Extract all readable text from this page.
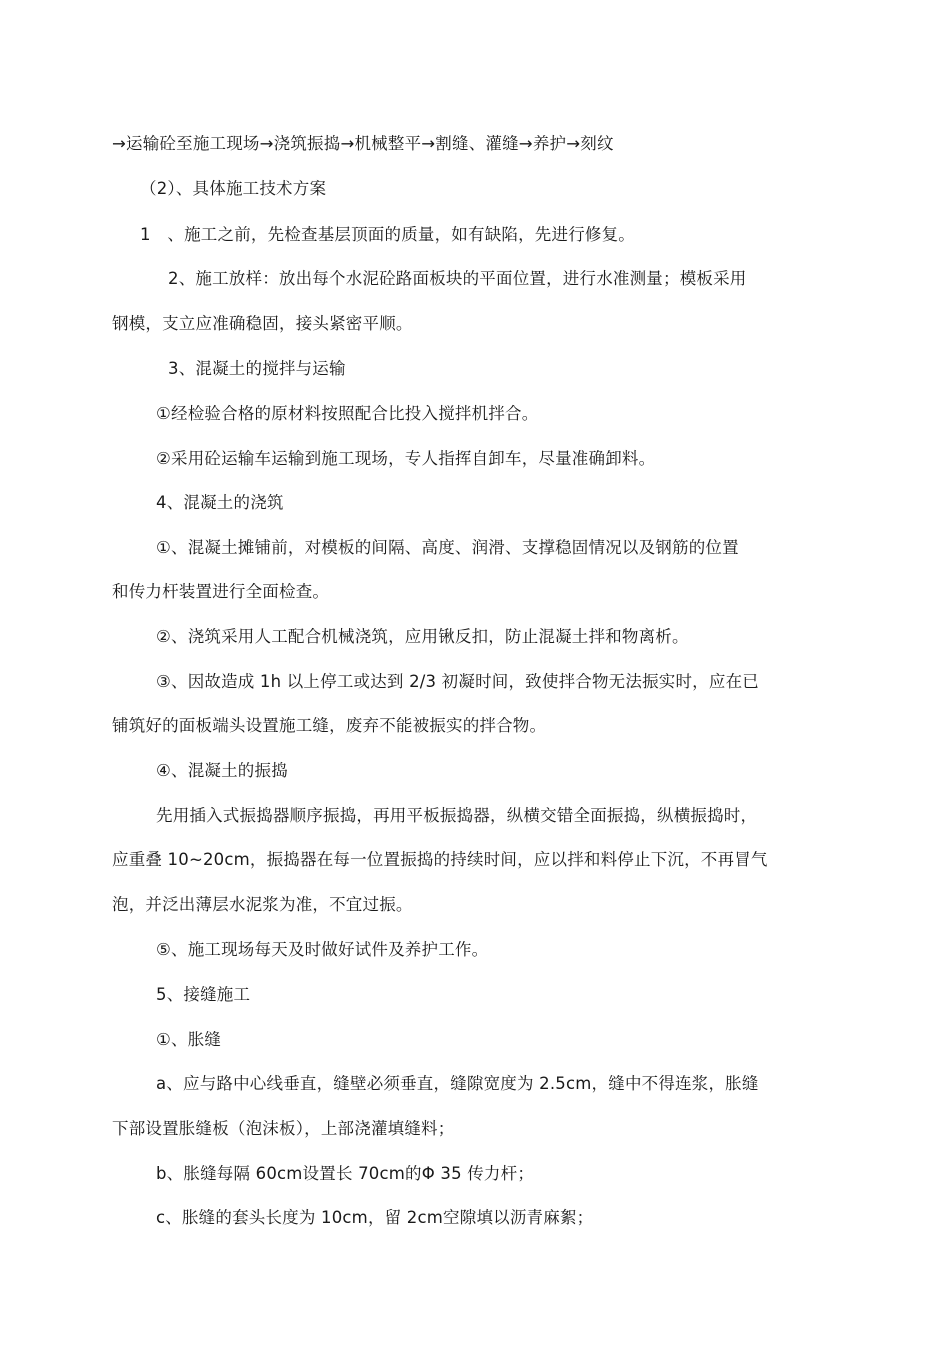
→运输砼至施工现场→浇筑振捣→机械整平→割缝、灌缝→养护→刻纹
（2）、具体施工技术方案
1　、施工之前，先检查基层顶面的质量，如有缺陷，先进行修复。
2、施工放样：放出每个水泥砼路面板块的平面位置，进行水准测量；模板采用
钢模，支立应准确稳固，接头紧密平顺。
3、混凝土的搅拌与运输
①经检验合格的原材料按照配合比投入搅拌机拌合。
②采用砼运输车运输到施工现场，专人指挥自卸车，尽量准确卸料。
4、混凝土的浇筑
①、混凝土摊铺前，对模板的间隔、高度、润滑、支撑稳固情况以及钢筋的位置
和传力杆装置进行全面检查。
②、浇筑采用人工配合机械浇筑，应用锹反扣，防止混凝土拌和物离析。
③、因故造成 1h 以上停工或达到 2/3 初凝时间，致使拌合物无法振实时，应在已
铺筑好的面板端头设置施工缝，废弃不能被振实的拌合物。
④、混凝土的振捣
先用插入式振捣器顺序振捣，再用平板振捣器，纵横交错全面振捣，纵横振捣时，
应重叠 10~20cm，振捣器在每一位置振捣的持续时间，应以拌和料停止下沉，不再冒气
泡，并泛出薄层水泥浆为准，不宜过振。
⑤、施工现场每天及时做好试件及养护工作。
5、接缝施工
①、胀缝
a、应与路中心线垂直，缝壁必须垂直，缝隙宽度为 2.5cm，缝中不得连浆，胀缝
下部设置胀缝板（泡沫板），上部浇灌填缝料；
b、胀缝每隔 60cm设置长 70cm的Φ 35 传力杆；
c、胀缝的套头长度为 10cm，留 2cm空隙填以沥青麻絮；
